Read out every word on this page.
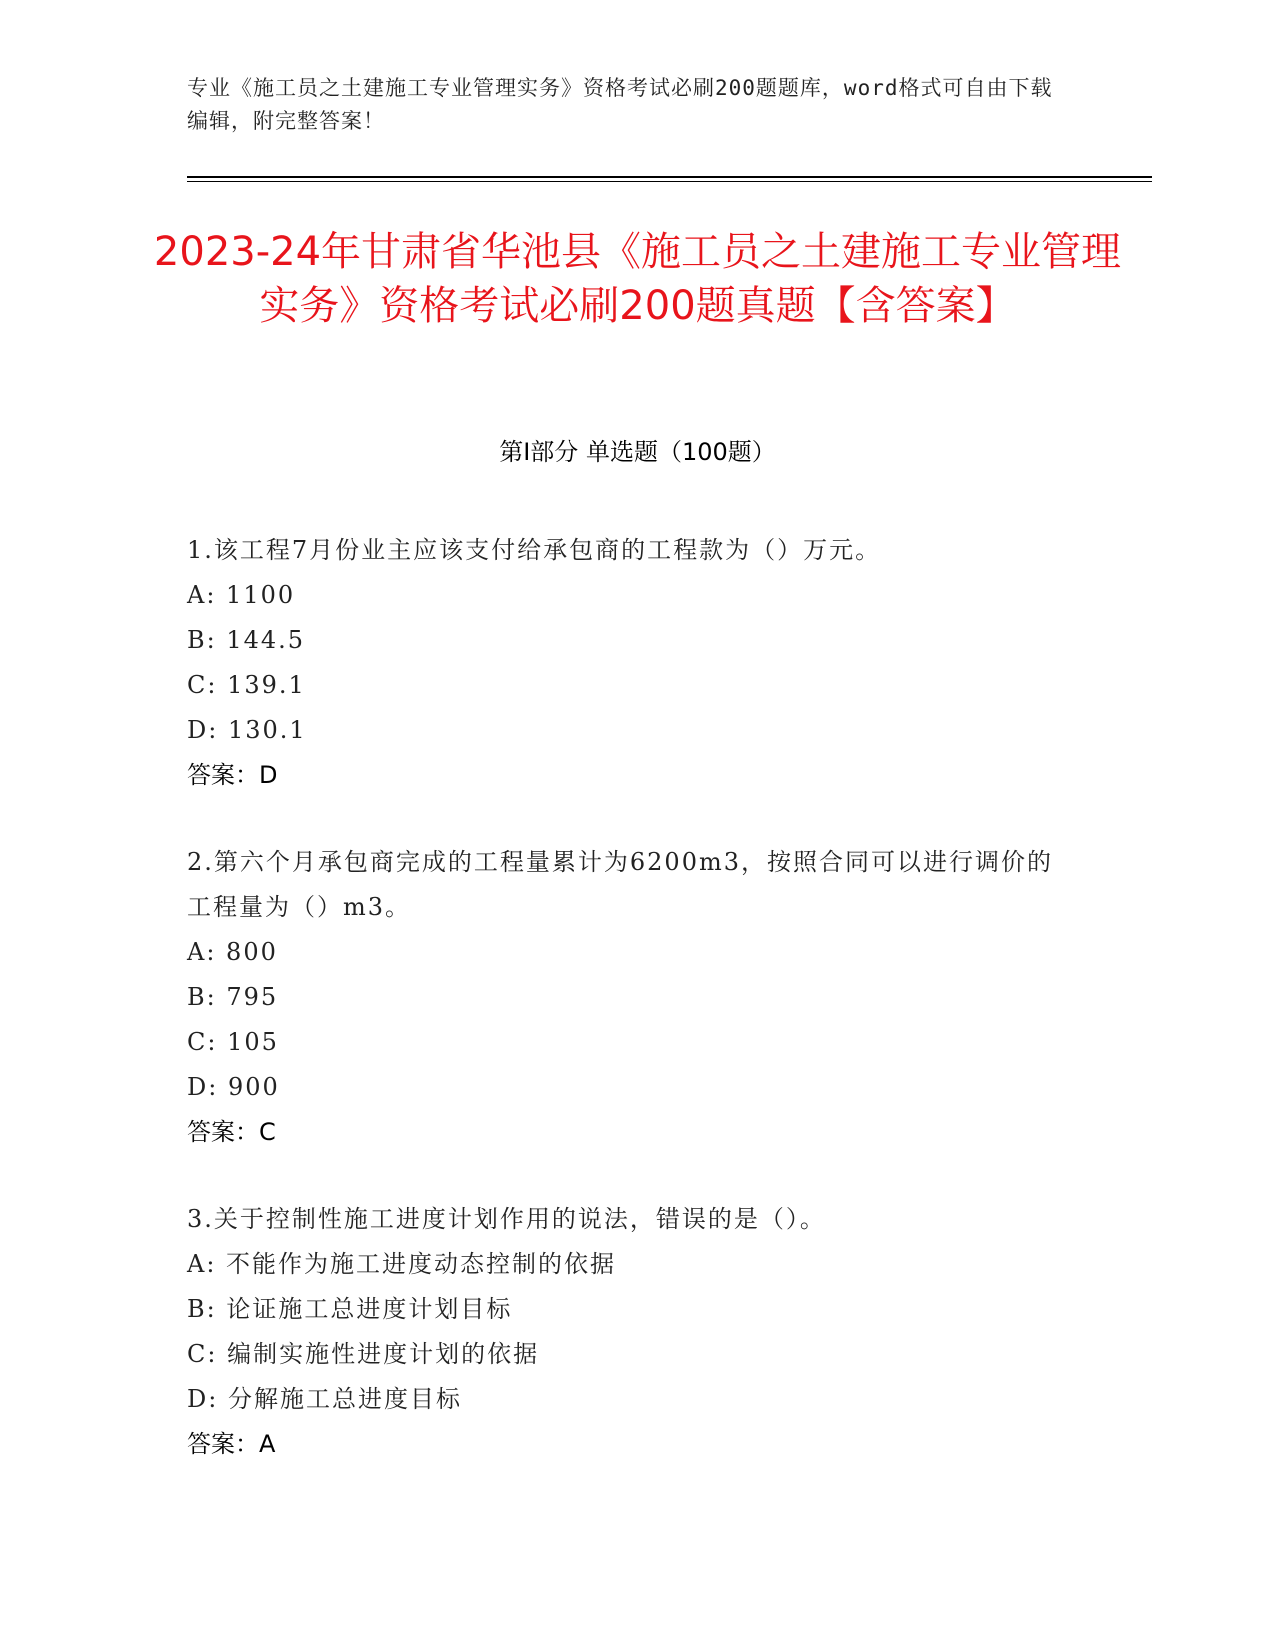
专业《施工员之土建施工专业管理实务》资格考试必刷200题题库，word格式可自由下载编辑，附完整答案！
2023-24年甘肃省华池县《施工员之土建施工专业管理实务》资格考试必刷200题真题【含答案】
第Ⅰ部分 单选题（100题）
1.该工程7月份业主应该支付给承包商的工程款为（）万元。
A: 1100
B: 144.5
C: 139.1
D: 130.1
答案：D
2.第六个月承包商完成的工程量累计为6200m3，按照合同可以进行调价的工程量为（）m3。
A: 800
B: 795
C: 105
D: 900
答案：C
3.关于控制性施工进度计划作用的说法，错误的是（）。
A: 不能作为施工进度动态控制的依据
B: 论证施工总进度计划目标
C: 编制实施性进度计划的依据
D: 分解施工总进度目标
答案：A
